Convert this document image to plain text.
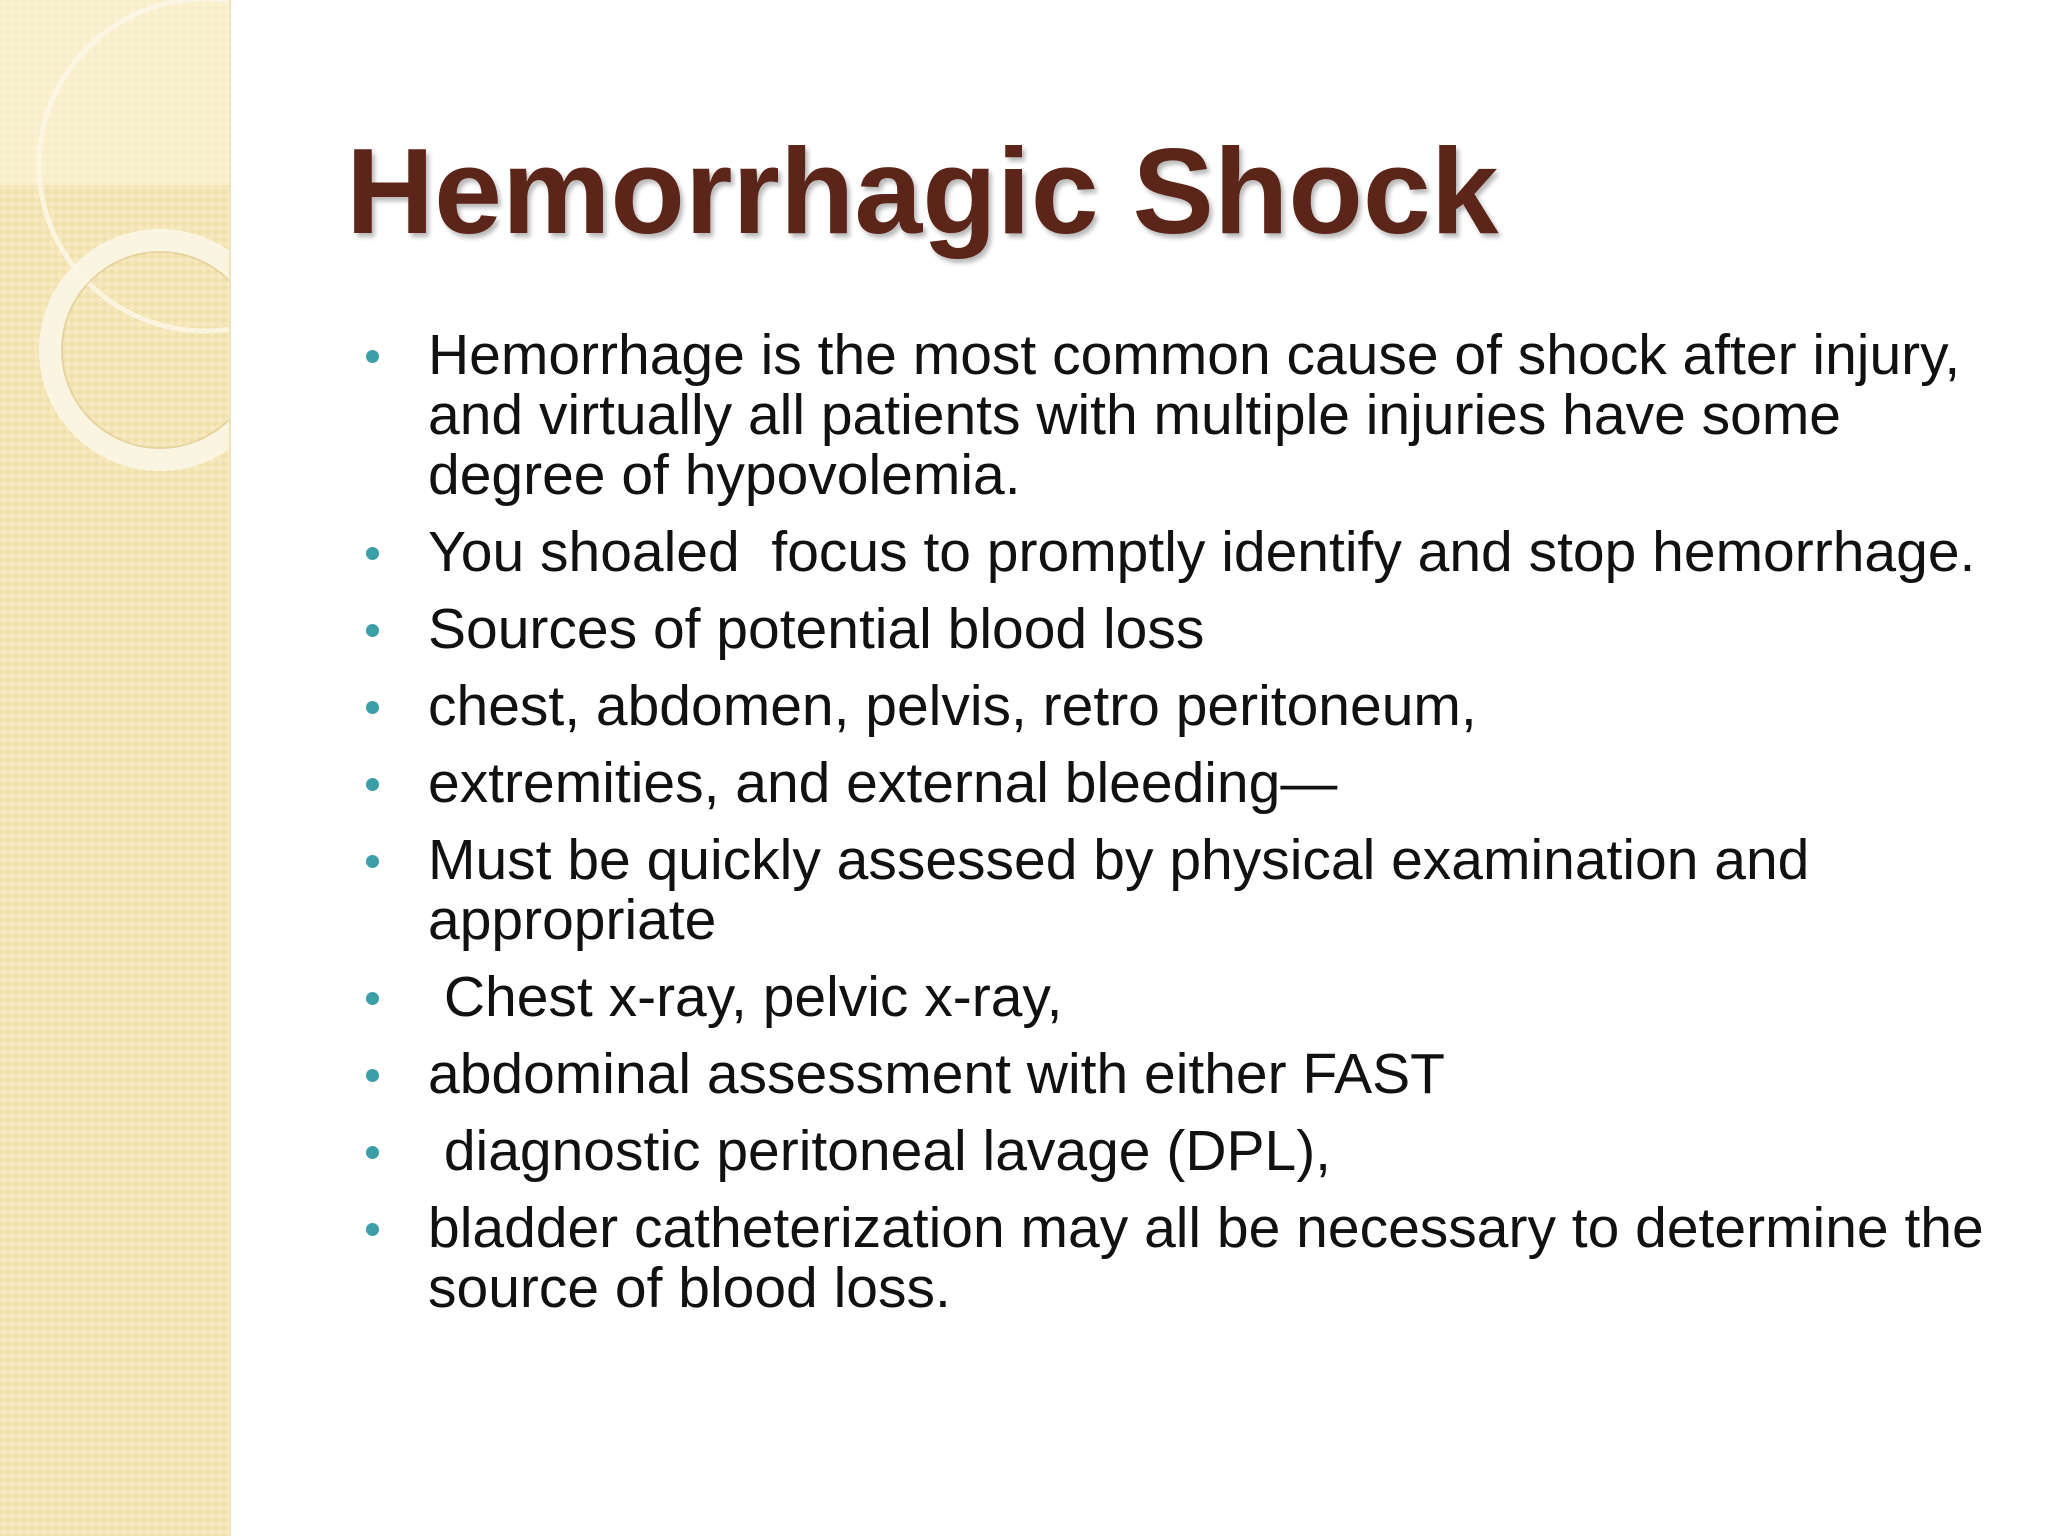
Hemorrhagic Shock
Hemorrhage is the most common cause of shock after injury, and virtually all patients with multiple injuries have some degree of hypovolemia.
You shoaled  focus to promptly identify and stop hemorrhage.
Sources of potential blood loss
chest, abdomen, pelvis, retro peritoneum,
extremities, and external bleeding—
Must be quickly assessed by physical examination and appropriate
Chest x-ray, pelvic x-ray,
abdominal assessment with either FAST
diagnostic peritoneal lavage (DPL),
bladder catheterization may all be necessary to determine the source of blood loss.
